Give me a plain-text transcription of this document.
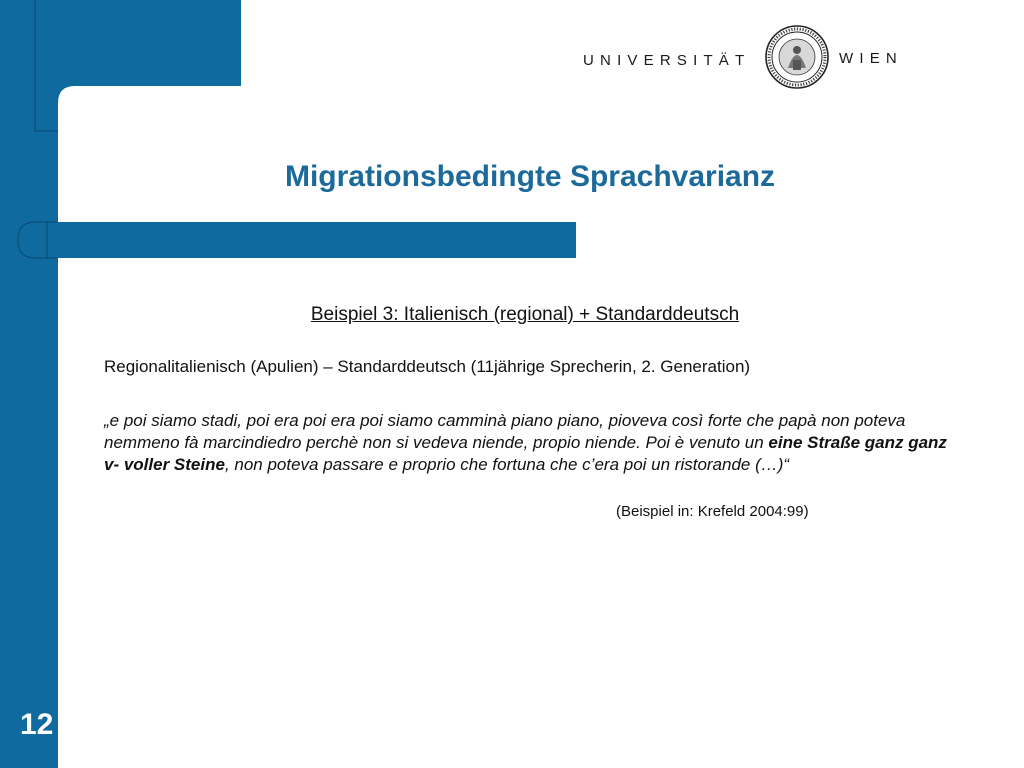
UNIVERSITÄT	WIEN
Migrationsbedingte Sprachvarianz
Beispiel 3: Italienisch (regional) + Standarddeutsch
Regionalitalienisch (Apulien) – Standarddeutsch (11jährige Sprecherin, 2. Generation)
„e poi siamo stadi, poi era poi era poi siamo camminà piano piano, pioveva così forte che papà non poteva nemmeno fà marcindiedro perchè non si vedeva niende, propio niende. Poi è venuto un eine Straße ganz ganz v- voller Steine, non poteva passare e proprio che fortuna che c’era poi un ristorande (…)“
(Beispiel in: Krefeld 2004:99)
12
